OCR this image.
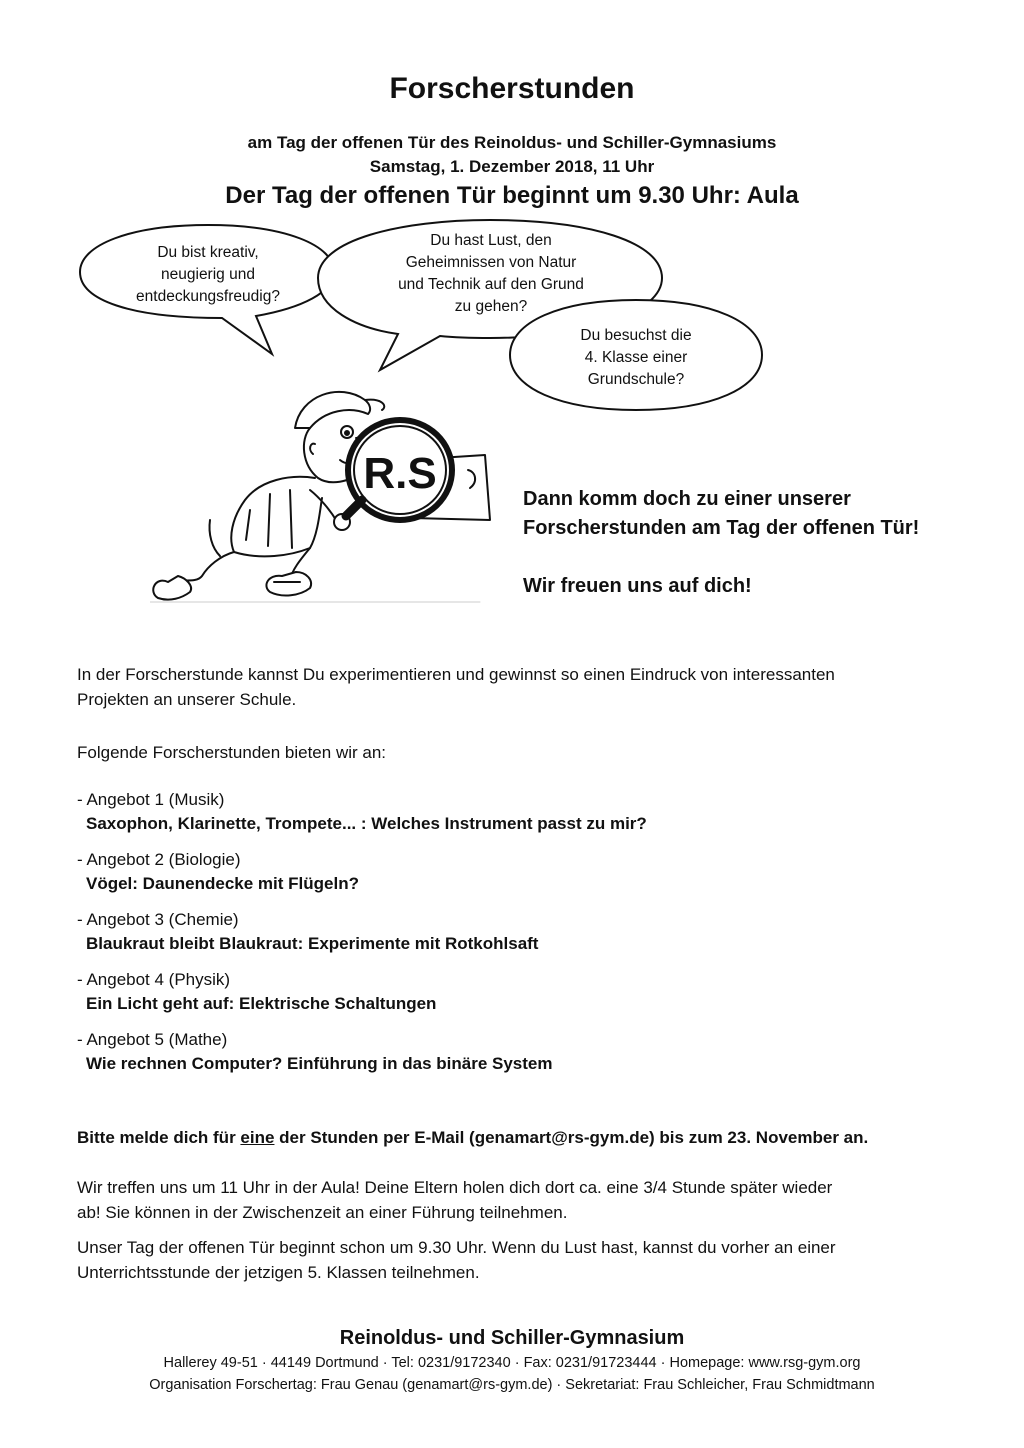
Forscherstunden
am Tag der offenen Tür des Reinoldus- und Schiller-Gymnasiums
Samstag, 1. Dezember 2018, 11 Uhr
Der Tag der offenen Tür beginnt um 9.30 Uhr: Aula
Du bist kreativ,
neugierig und
entdeckungsfreudig?
Du hast Lust, den
Geheimnissen von Natur
und Technik auf den Grund
zu gehen?
Du besuchst die
4. Klasse einer
Grundschule?
R.S
Dann komm doch zu einer unserer
Forscherstunden am Tag der offenen Tür!
Wir freuen uns auf dich!
In der Forscherstunde kannst Du experimentieren und gewinnst so einen Eindruck von interessanten
Projekten an unserer Schule.
Folgende Forscherstunden bieten wir an:
- Angebot 1 (Musik)
Saxophon, Klarinette, Trompete... : Welches Instrument passt zu mir?
- Angebot 2 (Biologie)
Vögel: Daunendecke mit Flügeln?
- Angebot 3 (Chemie)
Blaukraut bleibt Blaukraut: Experimente mit Rotkohlsaft
- Angebot 4 (Physik)
Ein Licht geht auf: Elektrische Schaltungen
- Angebot 5 (Mathe)
Wie rechnen Computer? Einführung in das binäre System
Bitte melde dich für eine der Stunden per E-Mail (genamart@rs-gym.de) bis zum 23. November an.
Wir treffen uns um 11 Uhr in der Aula! Deine Eltern holen dich dort ca. eine 3/4 Stunde später wieder
ab! Sie können in der Zwischenzeit an einer Führung teilnehmen.
Unser Tag der offenen Tür beginnt schon um 9.30 Uhr. Wenn du Lust hast, kannst du vorher an einer
Unterrichtsstunde der jetzigen 5. Klassen teilnehmen.
Reinoldus- und Schiller-Gymnasium
Hallerey 49-51 · 44149 Dortmund · Tel: 0231/9172340 · Fax: 0231/91723444 · Homepage: www.rsg-gym.org
Organisation Forschertag: Frau Genau (genamart@rs-gym.de) · Sekretariat: Frau Schleicher, Frau Schmidtmann
